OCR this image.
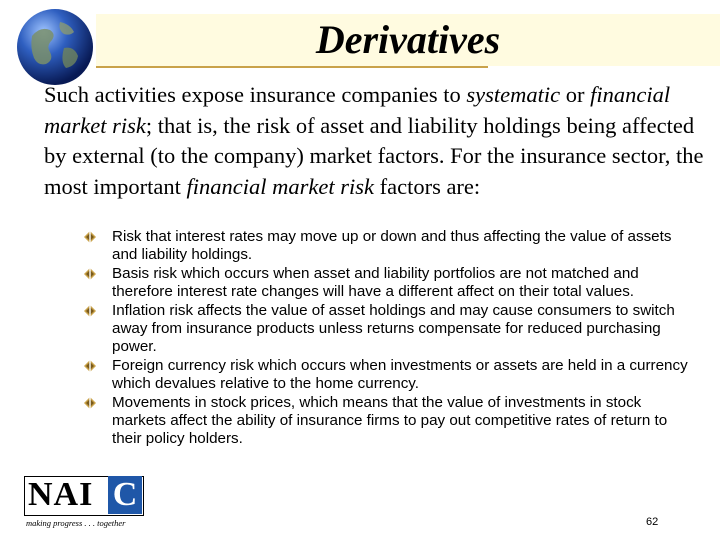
Derivatives

Such activities expose insurance companies to systematic or financial market risk; that is, the risk of asset and liability holdings being affected by external (to the company) market factors. For the insurance sector, the most important financial market risk factors are:

Risk that interest rates may move up or down and thus affecting the value of assets and liability holdings.
Basis risk which occurs when asset and liability portfolios are not matched and therefore interest rate changes will have a different affect on their total values.
Inflation risk affects the value of asset holdings and may cause consumers to switch away from insurance products unless returns compensate for reduced purchasing power.
Foreign currency risk which occurs when investments or assets are held in a currency which devalues relative to the home currency.
Movements in stock prices, which means that the value of investments in stock markets affect the ability of insurance firms to pay out competitive rates of return to their policy holders.
NAI C
making progress . . . together	62
